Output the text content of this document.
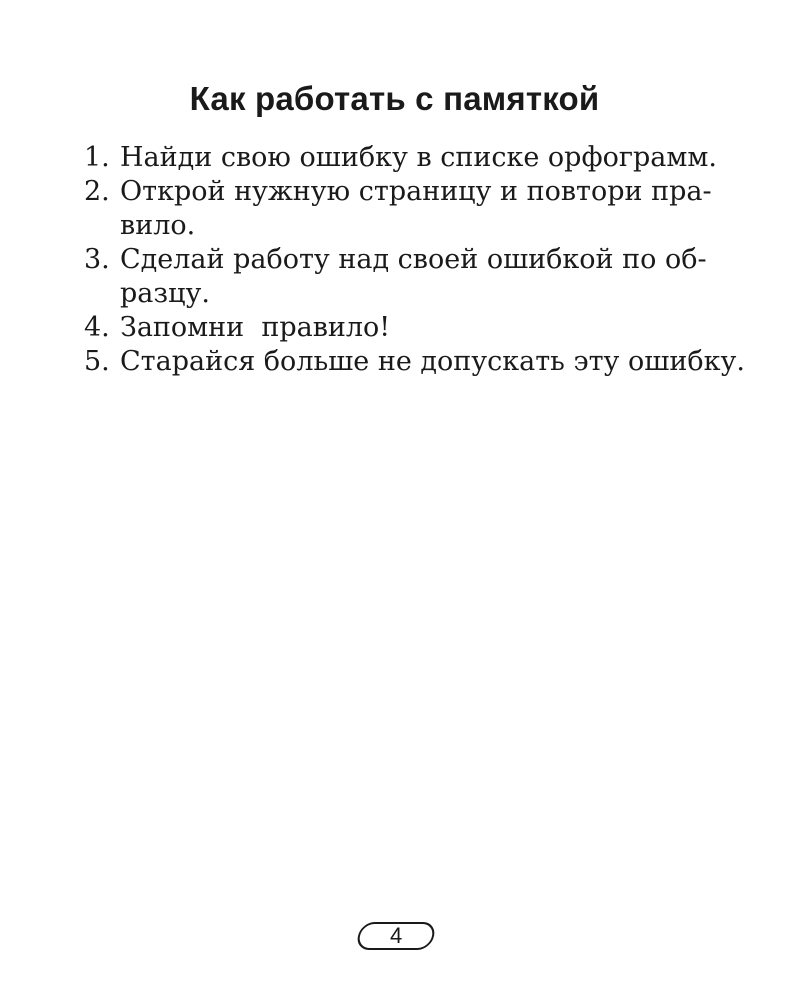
Как работать с памяткой
1. Найди свою ошибку в списке орфограмм.
2. Открой нужную страницу и повтори пра-
вило.
3. Сделай работу над своей ошибкой по об-
разцу.
4. Запомни  правило!
5. Старайся больше не допускать эту ошибку.
4
